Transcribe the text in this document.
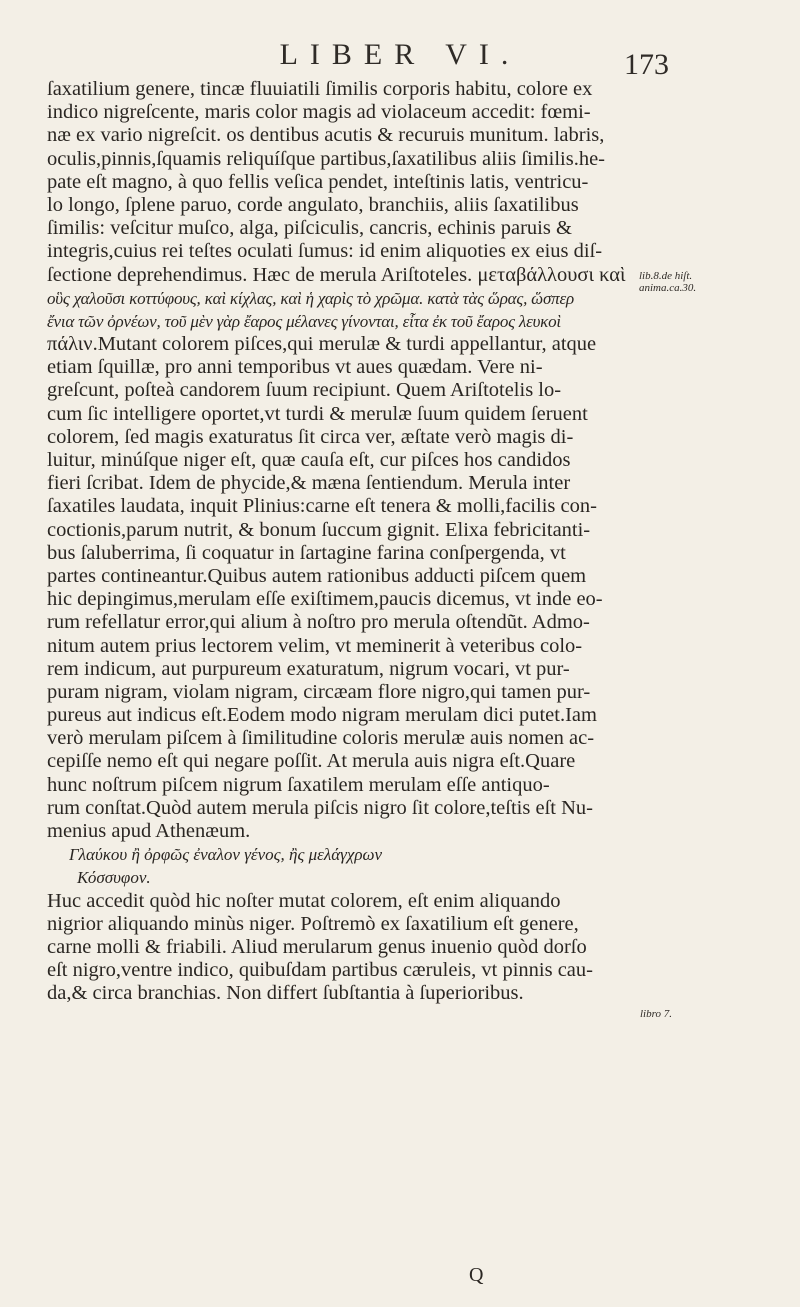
LIBER VI.	173
ſaxatilium genere, tincæ fluuiatili ſimilis corporis habitu, colore ex
indico nigreſcente, maris color magis ad violaceum accedit: fœmi-
næ ex vario nigreſcit. os dentibus acutis & recuruis munitum. labris,
oculis,pinnis,ſquamis reliquíſque partibus,ſaxatilibus aliis ſimilis.he-
pate eſt magno, à quo fellis veſica pendet, inteſtinis latis, ventricu-
lo longo, ſplene paruo, corde angulato, branchiis, aliis ſaxatilibus
ſimilis: veſcitur muſco, alga, piſciculis, cancris, echinis paruis &
integris,cuius rei teſtes oculati ſumus: id enim aliquoties ex eius diſ-
ſectione deprehendimus. Hæc de merula Ariſtoteles. μεταβάλλουσι καὶ
οὓς χαλοῦσι κοττύφους, καὶ κίχλας, καὶ ἡ χαρὶς τὸ χρῶμα. κατὰ τὰς ὥρας, ὥσπερ
ἔνια τῶν ὀρνέων, τοῦ μὲν γὰρ ἔαρος μέλανες γίνονται, εἶτα ἐκ τοῦ ἔαρος λευκοὶ
πάλιν.Mutant colorem piſces,qui merulæ & turdi appellantur, atque
etiam ſquillæ, pro anni temporibus vt aues quædam. Vere ni-
greſcunt, poſteà candorem ſuum recipiunt. Quem Ariſtotelis lo-
cum ſic intelligere oportet,vt turdi & merulæ ſuum quidem ſeruent
colorem, ſed magis exaturatus ſit circa ver, æſtate verò magis di-
luitur, minúſque niger eſt, quæ cauſa eſt, cur piſces hos candidos
fieri ſcribat. Idem de phycide,& mæna ſentiendum. Merula inter
ſaxatiles laudata, inquit Plinius:carne eſt tenera & molli,facilis con-
coctionis,parum nutrit, & bonum ſuccum gignit. Elixa febricitanti-
bus ſaluberrima, ſi coquatur in ſartagine farina conſpergenda, vt
partes contineantur.Quibus autem rationibus adducti piſcem quem
hic depingimus,merulam eſſe exiſtimem,paucis dicemus, vt inde eo-
rum refellatur error,qui alium à noſtro pro merula oſtendũt. Admo-
nitum autem prius lectorem velim, vt meminerit à veteribus colo-
rem indicum, aut purpureum exaturatum, nigrum vocari, vt pur-
puram nigram, violam nigram, circæam flore nigro,qui tamen pur-
pureus aut indicus eſt.Eodem modo nigram merulam dici putet.Iam
verò merulam piſcem à ſimilitudine coloris merulæ auis nomen ac-
cepiſſe nemo eſt qui negare poſſit. At merula auis nigra eſt.Quare
hunc noſtrum piſcem nigrum ſaxatilem merulam eſſe antiquo-
rum conſtat.Quòd autem merula piſcis nigro ſit colore,teſtis eſt Nu-
menius apud Athenæum.
Γλαύκου ἢ ὀρφῶς ἐναλον γένος, ἢς μελάγχρων
Κόσσυφον.
Huc accedit quòd hic noſter mutat colorem, eſt enim aliquando
nigrior aliquando minùs niger. Poſtremò ex ſaxatilium eſt genere,
carne molli & friabili. Aliud merularum genus inuenio quòd dorſo
eſt nigro,ventre indico, quibuſdam partibus cæruleis, vt pinnis cau-
da,& circa branchias. Non differt ſubſtantia à ſuperioribus.
Q
lib.8.de hiſt.
anima.ca.30.
libro 7.
